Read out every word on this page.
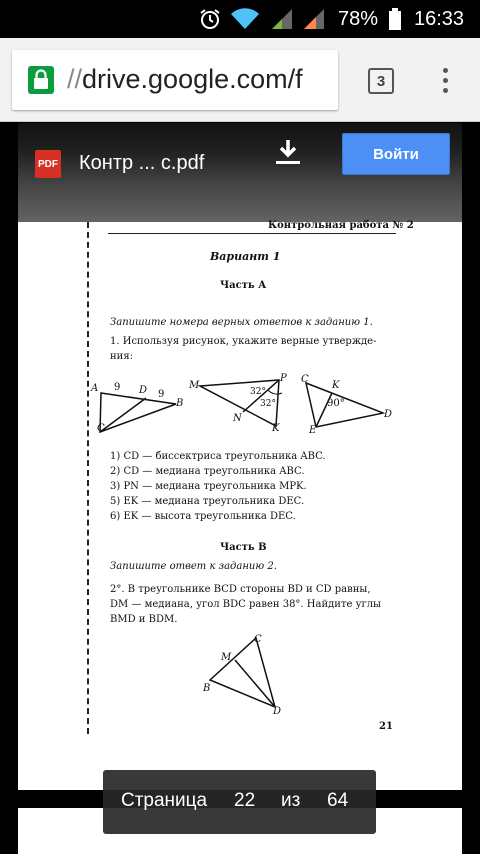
78% 16:33
//drive.google.com/f	3
PDF Контр ... c.pdf	Войти
Контрольная работа № 2
Вариант 1
Часть А
Запишите номера верных ответов к заданию 1.
1. Используя рисунок, укажите верные утвержде-
ния:
A 9 D 9
B
C
M
P
32°
32°
N
K
C
K
90°
D
E
1) CD — биссектриса треугольника ABC.
2) CD — медиана треугольника ABC.
3) PN — медиана треугольника MPK.
5) EK — медиана треугольника DEC.
6) EK — высота треугольника DEC.
Часть В
Запишите ответ к заданию 2.
2°. В треугольнике BCD стороны BD и CD равны,
DM — медиана, угол BDC равен 38°. Найдите углы
BMD и BDM.
C
M
B
D
21
Страница 22 из 64
